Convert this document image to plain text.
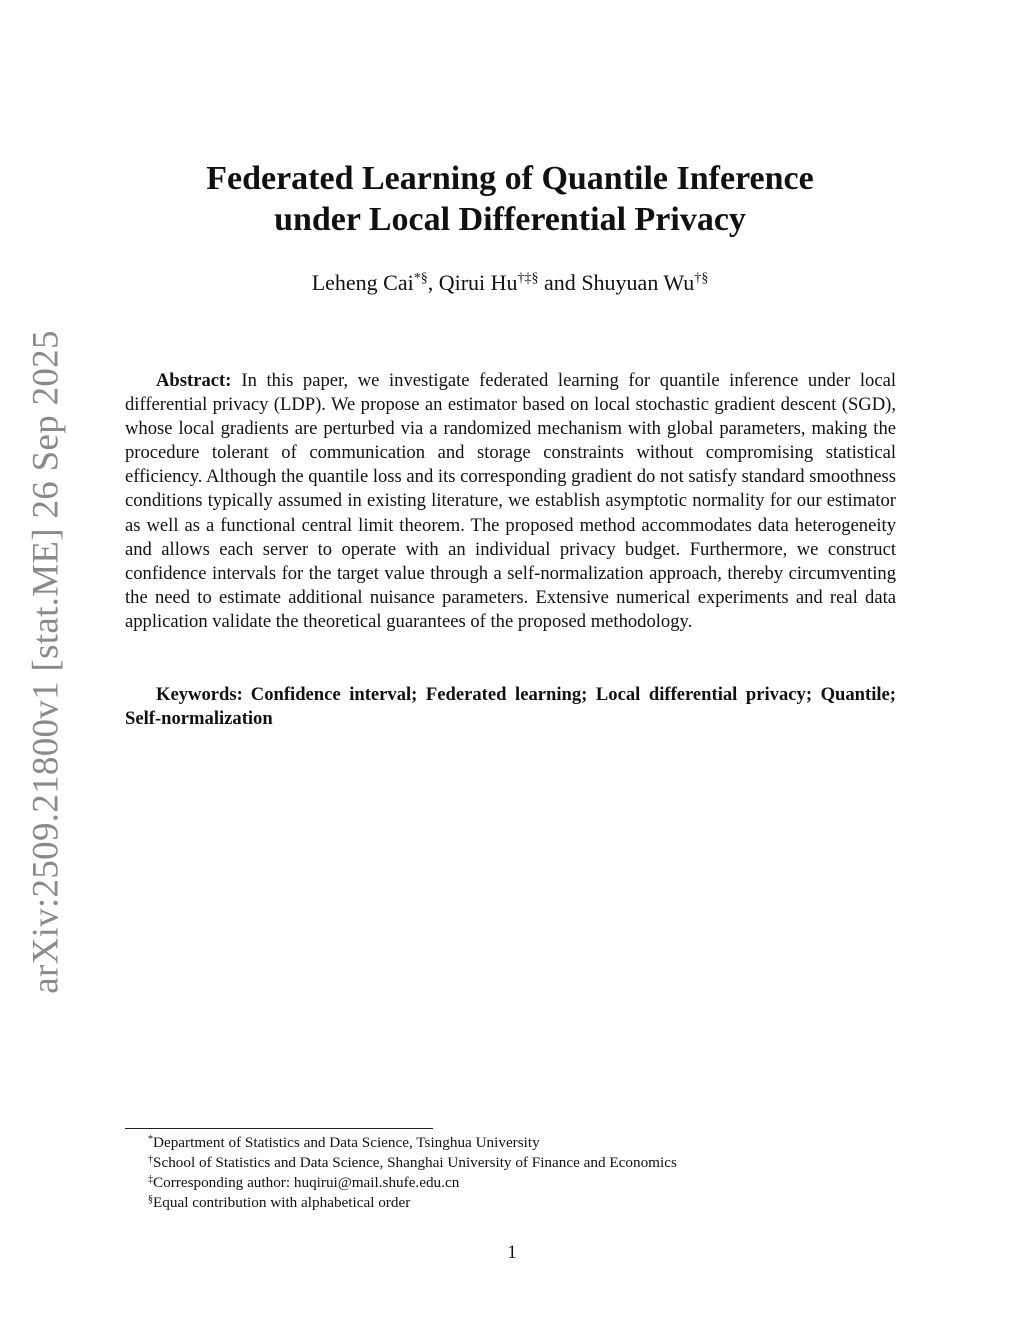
arXiv:2509.21800v1 [stat.ME] 26 Sep 2025
Federated Learning of Quantile Inference
under Local Differential Privacy
Leheng Cai*§, Qirui Hu†‡§ and Shuyuan Wu†§

Abstract: In this paper, we investigate federated learning for quantile inference under local differential privacy (LDP). We propose an estimator based on local stochastic gradient descent (SGD), whose local gradients are perturbed via a randomized mechanism with global parameters, making the procedure tolerant of communication and storage constraints without compromising statistical efficiency. Although the quantile loss and its corresponding gradient do not satisfy standard smoothness conditions typically assumed in existing literature, we establish asymptotic normality for our estimator as well as a functional central limit theorem. The proposed method accommodates data heterogeneity and allows each server to operate with an individual privacy budget. Furthermore, we construct confidence intervals for the target value through a self-normalization approach, thereby circumventing the need to estimate additional nuisance parameters. Extensive numerical experiments and real data application validate the theoretical guarantees of the proposed methodology.

Keywords: Confidence interval; Federated learning; Local differential privacy; Quantile; Self-normalization

*Department of Statistics and Data Science, Tsinghua University
†School of Statistics and Data Science, Shanghai University of Finance and Economics
‡Corresponding author: huqirui@mail.shufe.edu.cn
§Equal contribution with alphabetical order
1
